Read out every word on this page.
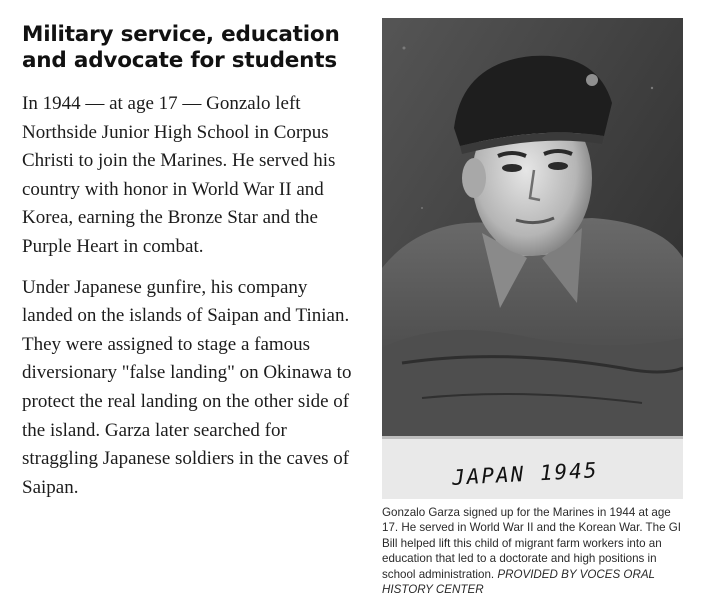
Military service, education and advocate for students

In 1944 — at age 17 — Gonzalo left Northside Junior High School in Corpus Christi to join the Marines. He served his country with honor in World War II and Korea, earning the Bronze Star and the Purple Heart in combat.

Under Japanese gunfire, his company landed on the islands of Saipan and Tinian. They were assigned to stage a famous diversionary "false landing" on Okinawa to protect the real landing on the other side of the island. Garza later searched for straggling Japanese soldiers in the caves of Saipan.	JAPAN 1945
Gonzalo Garza signed up for the Marines in 1944 at age 17. He served in World War II and the Korean War. The GI Bill helped lift this child of migrant farm workers into an education that led to a doctorate and high positions in school administration. PROVIDED BY VOCES ORAL HISTORY CENTER
